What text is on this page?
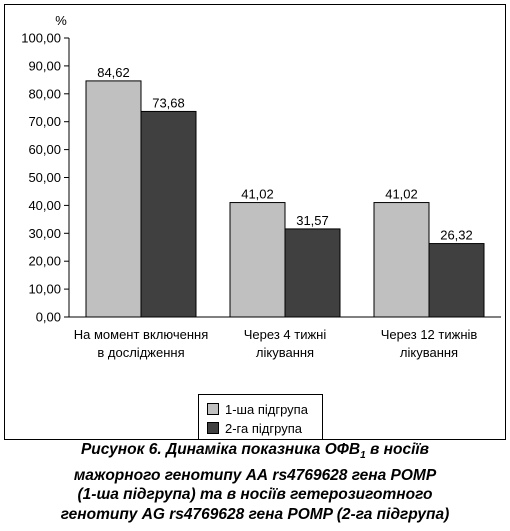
%
0,00
10,00
20,00
30,00
40,00
50,00
60,00
70,00
80,00
90,00
100,00
84,62
73,68
На момент включення
в дослідження
41,02
31,57
Через 4 тижні
лікування
41,02
26,32
Через 12 тижнів
лікування
1-ша підгрупа
2-га підгрупа
Рисунок 6. Динаміка показника $ОФВ_1$ в носіїв
мажорного генотипу АА rs4769628 гена POMP
(1-ша підгрупа) та в носіїв гетерозиготного
генотипу AG rs4769628 гена POMP (2-га підгрупа)
